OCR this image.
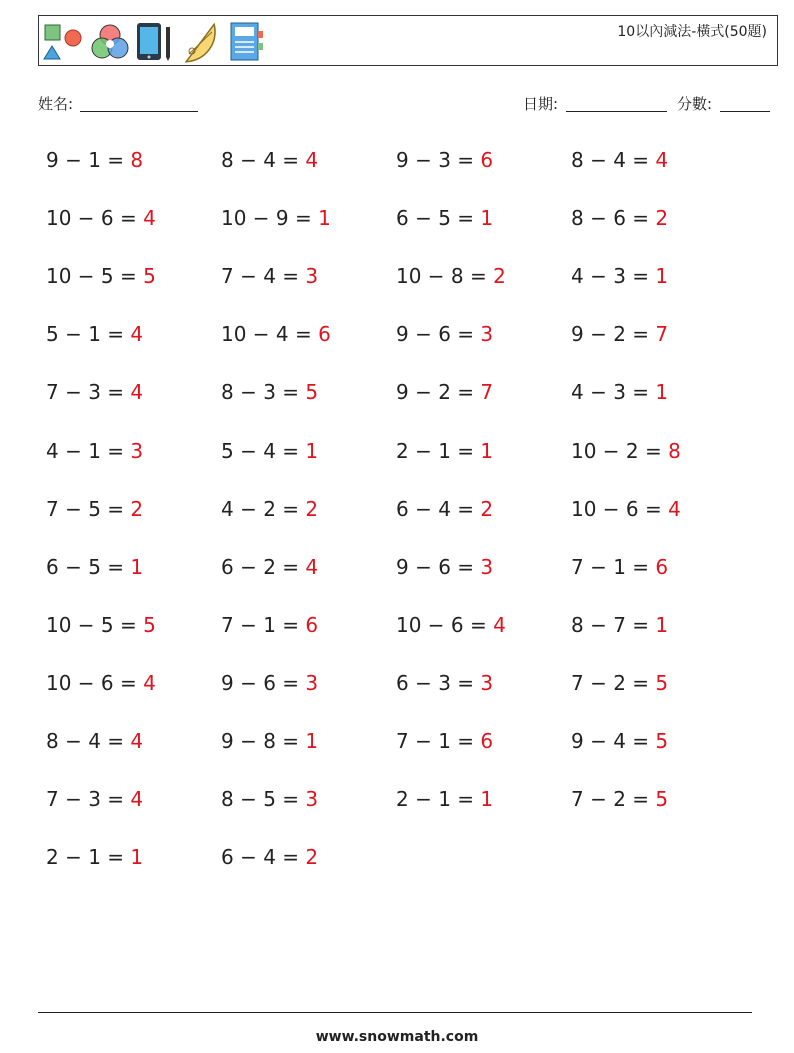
10以內減法-橫式(50題)
姓名:	日期:	分數:
9 − 1 = 8	8 − 4 = 4	9 − 3 = 6	8 − 4 = 4
10 − 6 = 4	10 − 9 = 1	6 − 5 = 1	8 − 6 = 2
10 − 5 = 5	7 − 4 = 3	10 − 8 = 2	4 − 3 = 1
5 − 1 = 4	10 − 4 = 6	9 − 6 = 3	9 − 2 = 7
7 − 3 = 4	8 − 3 = 5	9 − 2 = 7	4 − 3 = 1
4 − 1 = 3	5 − 4 = 1	2 − 1 = 1	10 − 2 = 8
7 − 5 = 2	4 − 2 = 2	6 − 4 = 2	10 − 6 = 4
6 − 5 = 1	6 − 2 = 4	9 − 6 = 3	7 − 1 = 6
10 − 5 = 5	7 − 1 = 6	10 − 6 = 4	8 − 7 = 1
10 − 6 = 4	9 − 6 = 3	6 − 3 = 3	7 − 2 = 5
8 − 4 = 4	9 − 8 = 1	7 − 1 = 6	9 − 4 = 5
7 − 3 = 4	8 − 5 = 3	2 − 1 = 1	7 − 2 = 5
2 − 1 = 1	6 − 4 = 2
www.snowmath.com
